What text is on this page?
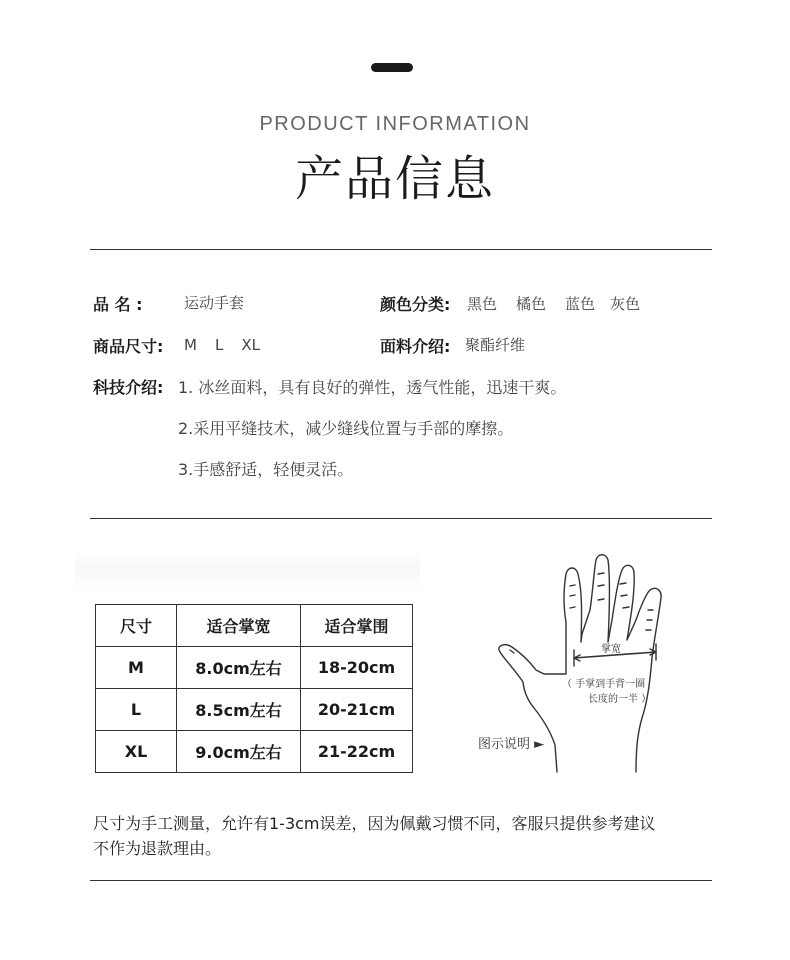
PRODUCT INFORMATION
产品信息
品 名 :	运动手套	颜色分类: 黑色 橘色 蓝色 灰色
商品尺寸: M L XL	面料介绍: 聚酯纤维
科技介绍: 1. 冰丝面料，具有良好的弹性，透气性能，迅速干爽。
2.采用平缝技术，减少缝线位置与手部的摩擦。
3.手感舒适，轻便灵活。
尺寸	适合掌宽	适合掌围
M	8.0cm左右	18-20cm
L	8.5cm左右	20-21cm
XL	9.0cm左右	21-22cm
掌宽
（ 手掌到手背一圈
长度的一半 ）
图示说明 ►
尺寸为手工测量，允许有1-3cm误差，因为佩戴习惯不同，客服只提供参考建议
不作为退款理由。
